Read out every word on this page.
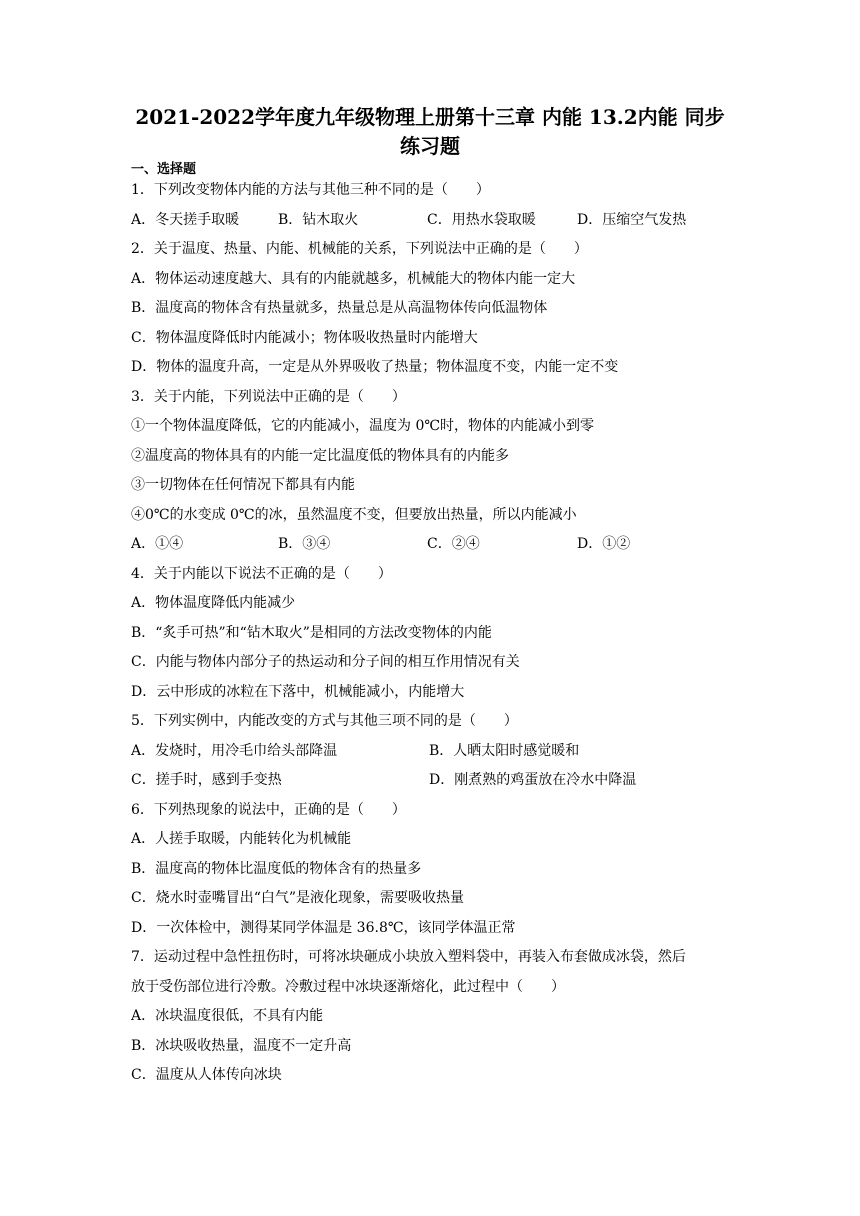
2021-2022学年度九年级物理上册第十三章 内能 13.2内能 同步
练习题
一、选择题
1．下列改变物体内能的方法与其他三种不同的是（　　）
A．冬天搓手取暖	B．钻木取火	C．用热水袋取暖	D．压缩空气发热
2．关于温度、热量、内能、机械能的关系，下列说法中正确的是（　　）
A．物体运动速度越大、具有的内能就越多，机械能大的物体内能一定大
B．温度高的物体含有热量就多，热量总是从高温物体传向低温物体
C．物体温度降低时内能减小；物体吸收热量时内能增大
D．物体的温度升高，一定是从外界吸收了热量；物体温度不变，内能一定不变
3．关于内能，下列说法中正确的是（　　）
①一个物体温度降低，它的内能减小，温度为 0℃时，物体的内能减小到零
②温度高的物体具有的内能一定比温度低的物体具有的内能多
③一切物体在任何情况下都具有内能
④0℃的水变成 0℃的冰，虽然温度不变，但要放出热量，所以内能减小
A．①④	B．③④	C．②④	D．①②
4．关于内能以下说法不正确的是（　　）
A．物体温度降低内能减少
B．“炙手可热”和“钻木取火”是相同的方法改变物体的内能
C．内能与物体内部分子的热运动和分子间的相互作用情况有关
D．云中形成的冰粒在下落中，机械能减小，内能增大
5．下列实例中，内能改变的方式与其他三项不同的是（　　）
A．发烧时，用冷毛巾给头部降温	B．人晒太阳时感觉暖和
C．搓手时，感到手变热	D．刚煮熟的鸡蛋放在冷水中降温
6．下列热现象的说法中，正确的是（　　）
A．人搓手取暖，内能转化为机械能
B．温度高的物体比温度低的物体含有的热量多
C．烧水时壶嘴冒出“白气”是液化现象，需要吸收热量
D．一次体检中，测得某同学体温是 36.8℃，该同学体温正常
7．运动过程中急性扭伤时，可将冰块砸成小块放入塑料袋中，再装入布套做成冰袋，然后
放于受伤部位进行冷敷。冷敷过程中冰块逐渐熔化，此过程中（　　）
A．冰块温度很低，不具有内能
B．冰块吸收热量，温度不一定升高
C．温度从人体传向冰块
